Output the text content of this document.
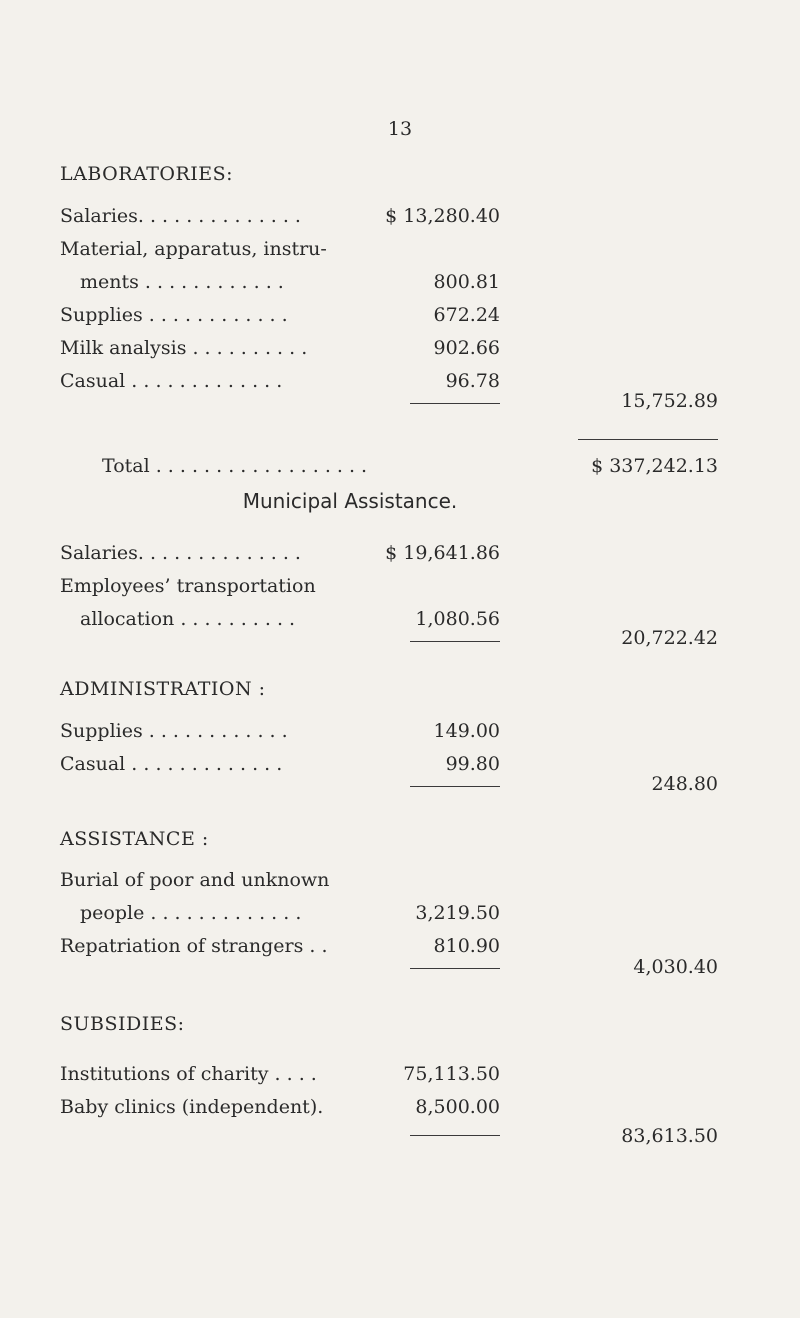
13
LABORATORIES:
Salaries. . . . . . . . . . . . . .	$ 13,280.40
Material, apparatus, instru-
ments . . . . . . . . . . . .	800.81
Supplies . . . . . . . . . . . .	672.24
Milk analysis . . . . . . . . . .	902.66
Casual . . . . . . . . . . . . .	96.78
15,752.89
Total . . . . . . . . . . . . . . . . . .	$ 337,242.13
Municipal Assistance.
Salaries. . . . . . . . . . . . . .	$ 19,641.86
Employees’ transportation
allocation . . . . . . . . . .	1,080.56
20,722.42
ADMINISTRATION :
Supplies . . . . . . . . . . . .	149.00
Casual . . . . . . . . . . . . .	99.80
248.80
ASSISTANCE :
Burial of poor and unknown
people . . . . . . . . . . . . .	3,219.50
Repatriation of strangers . .	810.90
4,030.40
SUBSIDIES:
Institutions of charity . . . .	75,113.50
Baby clinics (independent).	8,500.00
83,613.50
